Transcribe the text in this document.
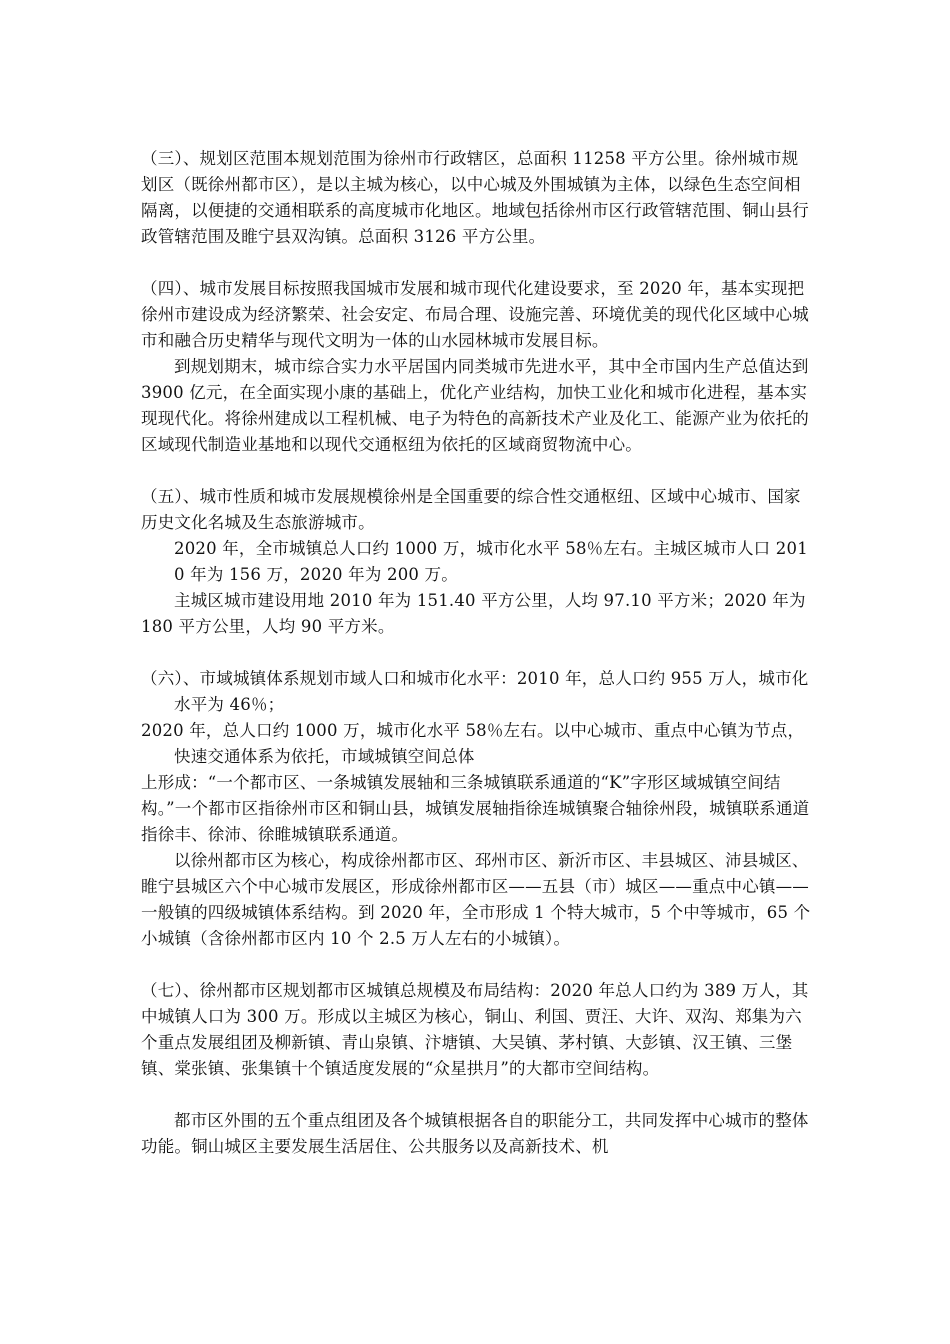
（三）、规划区范围本规划范围为徐州市行政辖区，总面积 11258 平方公里。徐州城市规划区（既徐州都市区），是以主城为核心，以中心城及外围城镇为主体，以绿色生态空间相隔离，以便捷的交通相联系的高度城市化地区。地域包括徐州市区行政管辖范围、铜山县行政管辖范围及睢宁县双沟镇。总面积 3126 平方公里。

（四）、城市发展目标按照我国城市发展和城市现代化建设要求，至 2020 年，基本实现把徐州市建设成为经济繁荣、社会安定、布局合理、设施完善、环境优美的现代化区域中心城市和融合历史精华与现代文明为一体的山水园林城市发展目标。

到规划期末，城市综合实力水平居国内同类城市先进水平，其中全市国内生产总值达到 3900 亿元，在全面实现小康的基础上，优化产业结构，加快工业化和城市化进程，基本实现现代化。将徐州建成以工程机械、电子为特色的高新技术产业及化工、能源产业为依托的区域现代制造业基地和以现代交通枢纽为依托的区域商贸物流中心。

（五）、城市性质和城市发展规模徐州是全国重要的综合性交通枢纽、区域中心城市、国家历史文化名城及生态旅游城市。

2020 年，全市城镇总人口约 1000 万，城市化水平 58％左右。主城区城市人口 2010 年为 156 万，2020 年为 200 万。

主城区城市建设用地 2010 年为 151.40 平方公里，人均 97.10 平方米；2020 年为 180 平方公里，人均 90 平方米。

（六）、市域城镇体系规划市域人口和城市化水平：2010 年，总人口约 955 万人，城市化水平为 46％；

2020 年，总人口约 1000 万，城市化水平 58％左右。以中心城市、重点中心镇为节点，快速交通体系为依托，市域城镇空间总体

上形成：“一个都市区、一条城镇发展轴和三条城镇联系通道的“K”字形区域城镇空间结构。”一个都市区指徐州市区和铜山县，城镇发展轴指徐连城镇聚合轴徐州段，城镇联系通道指徐丰、徐沛、徐睢城镇联系通道。

以徐州都市区为核心，构成徐州都市区、邳州市区、新沂市区、丰县城区、沛县城区、睢宁县城区六个中心城市发展区，形成徐州都市区——五县（市）城区——重点中心镇——一般镇的四级城镇体系结构。到 2020 年，全市形成 1 个特大城市，5 个中等城市，65 个小城镇（含徐州都市区内 10 个 2.5 万人左右的小城镇）。

（七）、徐州都市区规划都市区城镇总规模及布局结构：2020 年总人口约为 389 万人，其中城镇人口为 300 万。形成以主城区为核心，铜山、利国、贾汪、大许、双沟、郑集为六个重点发展组团及柳新镇、青山泉镇、汴塘镇、大吴镇、茅村镇、大彭镇、汉王镇、三堡镇、棠张镇、张集镇十个镇适度发展的“众星拱月”的大都市空间结构。

都市区外围的五个重点组团及各个城镇根据各自的职能分工，共同发挥中心城市的整体功能。铜山城区主要发展生活居住、公共服务以及高新技术、机
